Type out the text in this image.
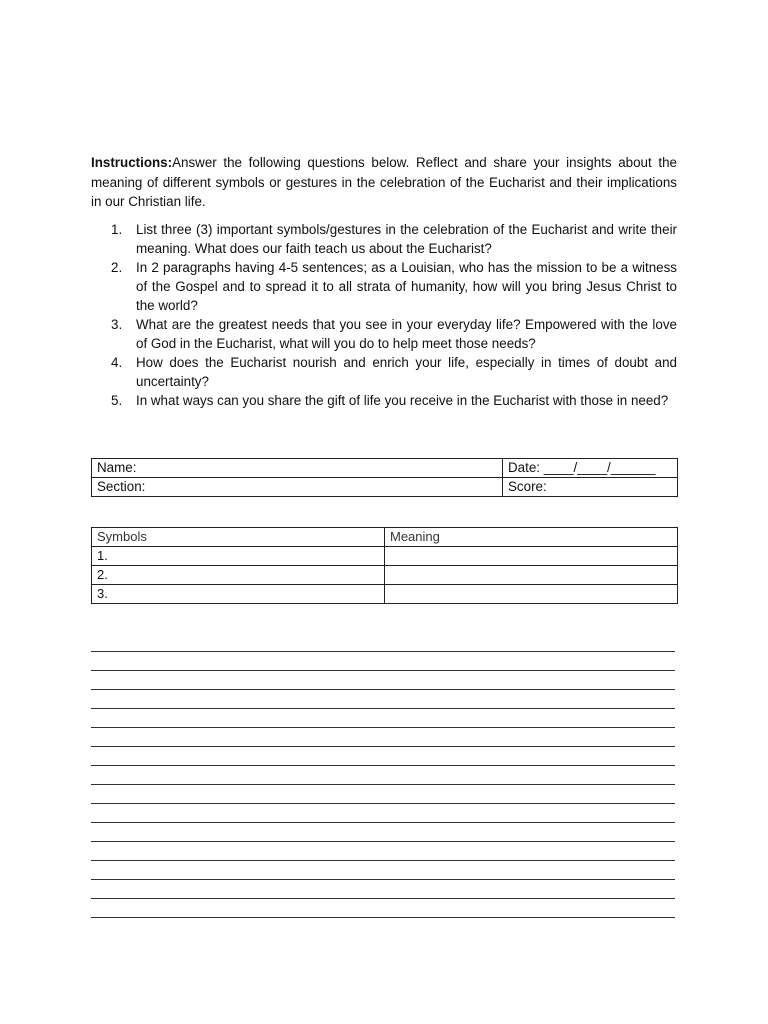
Instructions:Answer the following questions below. Reflect and share your insights about the meaning of different symbols or gestures in the celebration of the Eucharist and their implications in our Christian life.

1. List three (3) important symbols/gestures in the celebration of the Eucharist and write their meaning. What does our faith teach us about the Eucharist?
2. In 2 paragraphs having 4-5 sentences; as a Louisian, who has the mission to be a witness of the Gospel and to spread it to all strata of humanity, how will you bring Jesus Christ to the world?
3. What are the greatest needs that you see in your everyday life? Empowered with the love of God in the Eucharist, what will you do to help meet those needs?
4. How does the Eucharist nourish and enrich your life, especially in times of doubt and uncertainty?
5. In what ways can you share the gift of life you receive in the Eucharist with those in need?
Name:	Date: ____/____/______
Section:	Score:
Symbols	Meaning
1.	
2.	
3.	
